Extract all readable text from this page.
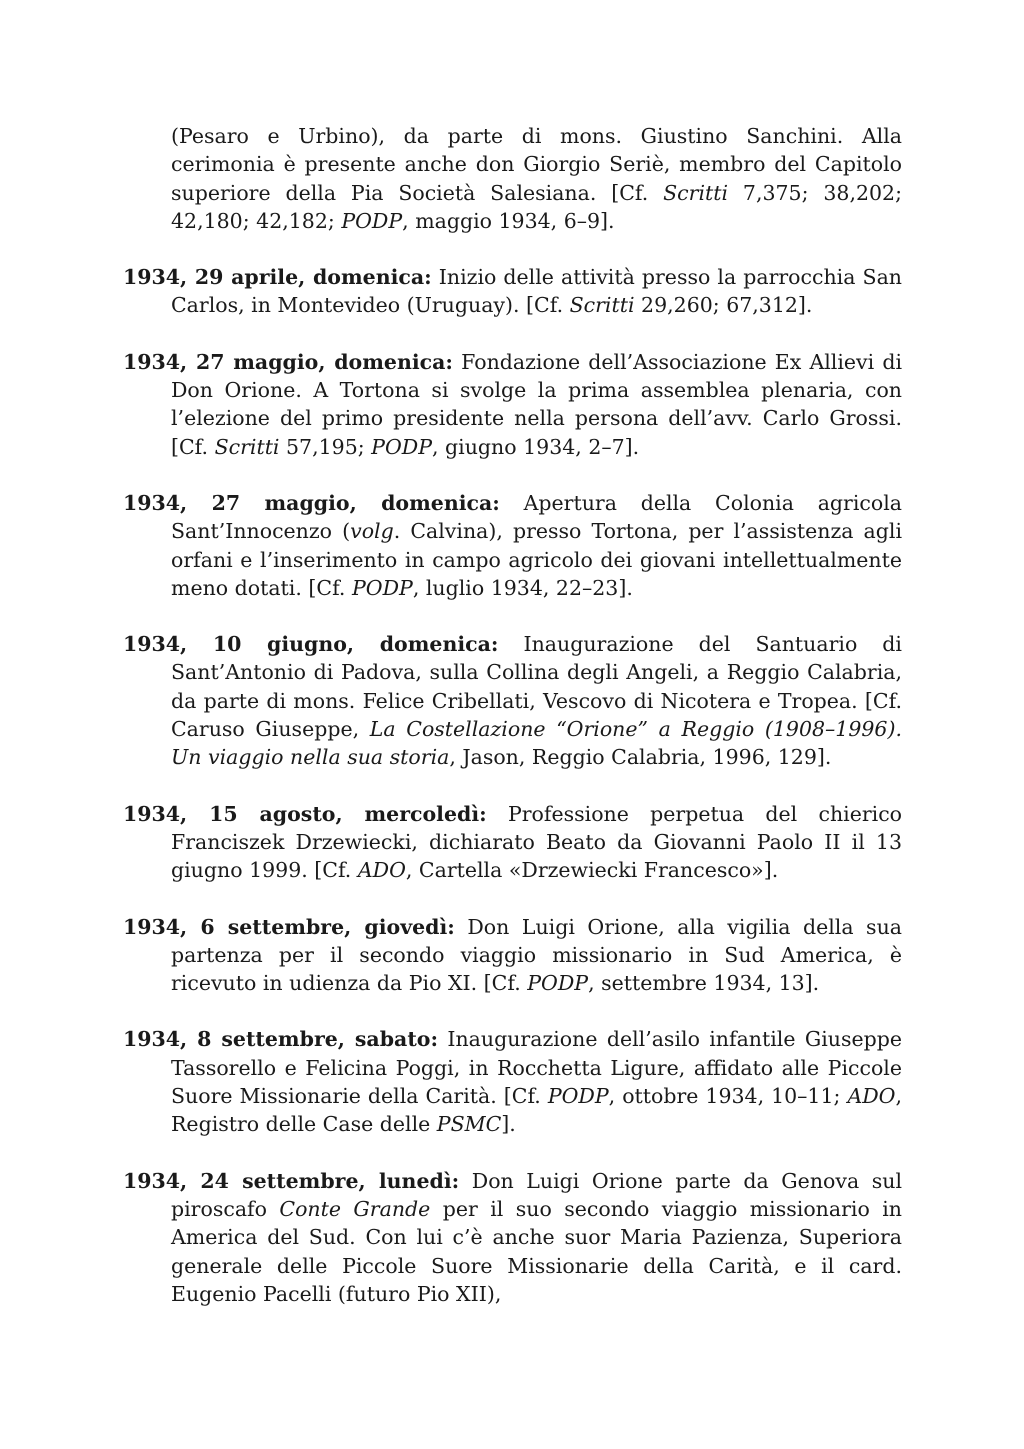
(Pesaro e Urbino), da parte di mons. Giustino Sanchini. Alla cerimonia è presente anche don Giorgio Seriè, membro del Capitolo superiore della Pia Società Salesiana. [Cf. Scritti 7,375; 38,202; 42,180; 42,182; PODP, maggio 1934, 6–9].

1934, 29 aprile, domenica: Inizio delle attività presso la parrocchia San Carlos, in Montevideo (Uruguay). [Cf. Scritti 29,260; 67,312].

1934, 27 maggio, domenica: Fondazione dell’Associazione Ex Allievi di Don Orione. A Tortona si svolge la prima assemblea plenaria, con l’elezione del primo presidente nella persona dell’avv. Carlo Grossi. [Cf. Scritti 57,195; PODP, giugno 1934, 2–7].

1934, 27 maggio, domenica: Apertura della Colonia agricola Sant’Innocenzo (volg. Calvina), presso Tortona, per l’assistenza agli orfani e l’inserimento in campo agricolo dei giovani intellettualmente meno dotati. [Cf. PODP, luglio 1934, 22–23].

1934, 10 giugno, domenica: Inaugurazione del Santuario di Sant’Antonio di Padova, sulla Collina degli Angeli, a Reggio Calabria, da parte di mons. Felice Cribellati, Vescovo di Nicotera e Tropea. [Cf. Caruso Giuseppe, La Costellazione “Orione” a Reggio (1908–1996). Un viaggio nella sua storia, Jason, Reggio Calabria, 1996, 129].

1934, 15 agosto, mercoledì: Professione perpetua del chierico Franciszek Drzewiecki, dichiarato Beato da Giovanni Paolo II il 13 giugno 1999. [Cf. ADO, Cartella «Drzewiecki Francesco»].

1934, 6 settembre, giovedì: Don Luigi Orione, alla vigilia della sua partenza per il secondo viaggio missionario in Sud America, è ricevuto in udienza da Pio XI. [Cf. PODP, settembre 1934, 13].

1934, 8 settembre, sabato: Inaugurazione dell’asilo infantile Giuseppe Tassorello e Felicina Poggi, in Rocchetta Ligure, affidato alle Piccole Suore Missionarie della Carità. [Cf. PODP, ottobre 1934, 10–11; ADO, Registro delle Case delle PSMC].

1934, 24 settembre, lunedì: Don Luigi Orione parte da Genova sul piroscafo Conte Grande per il suo secondo viaggio missionario in America del Sud. Con lui c’è anche suor Maria Pazienza, Superiora generale delle Piccole Suore Missionarie della Carità, e il card. Eugenio Pacelli (futuro Pio XII),
